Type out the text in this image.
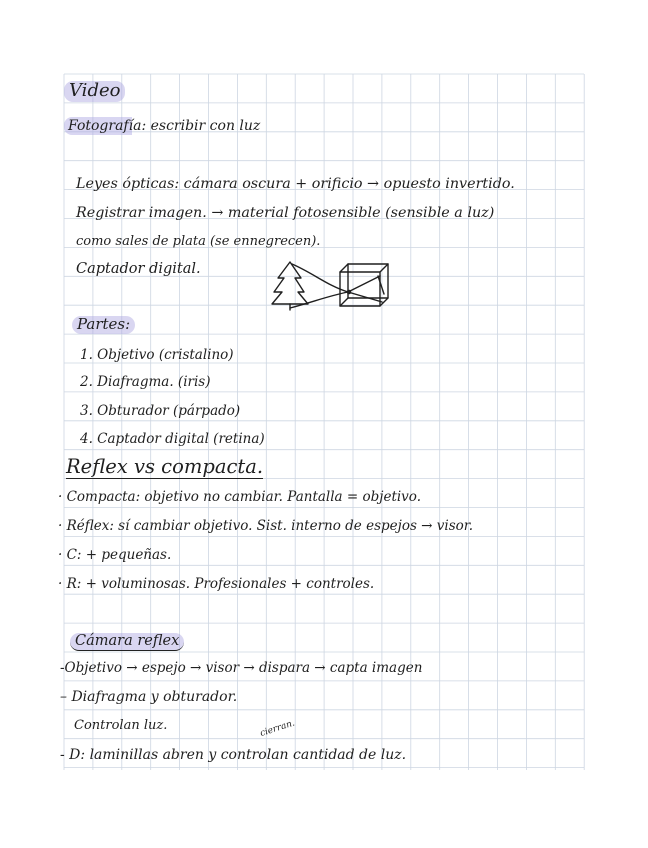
Video
Fotografía: escribir con luz
Leyes ópticas: cámara oscura + orificio → opuesto invertido.
Registrar imagen. → material fotosensible (sensible a luz)
como sales de plata (se ennegrecen).
Captador digital.
Partes:
1. Objetivo (cristalino)
2. Diafragma. (iris)
3. Obturador (párpado)
4. Captador digital (retina)
Reflex vs compacta.
· Compacta: objetivo no cambiar. Pantalla = objetivo.
· Réflex: sí cambiar objetivo. Sist. interno de espejos → visor.
· C: + pequeñas.
· R: + voluminosas. Profesionales + controles.
Cámara reflex
-Objetivo → espejo → visor → dispara → capta imagen
– Diafragma y obturador.
Controlan luz.
- D: laminillas abren y controlan cantidad de luz.
cierran.
